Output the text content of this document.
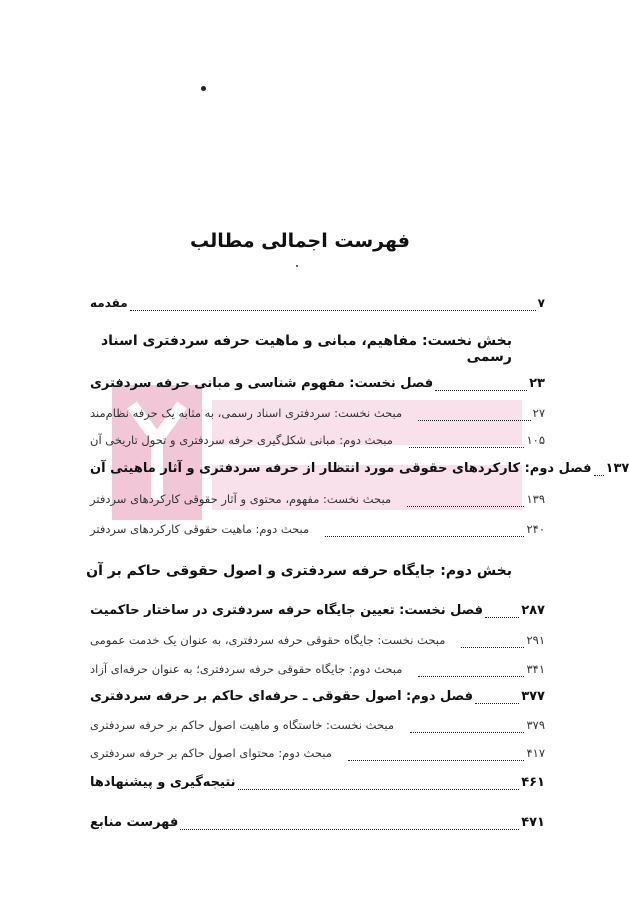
فهرست اجمالی مطالب
مقدمه	۷
بخش نخست: مفاهیم، مبانی و ماهیت حرفه سردفتری اسناد رسمی
فصل نخست: مفهوم شناسی و مبانی حرفه سردفتری	۲۳
مبحث نخست: سردفتری اسناد رسمی، به مثابه یک حرفه نظام‌مند	۲۷
مبحث دوم: مبانی شکل‌گیری حرفه سردفتری و تحول تاریخی آن	۱۰۵
فصل دوم: کارکردهای حقوقی مورد انتظار از حرفه سردفتری و آثار ماهیتی آن ۱۳۷
مبحث نخست: مفهوم، محتوی و آثار حقوقی کارکردهای سردفتر	۱۳۹
مبحث دوم: ماهیت حقوقی کارکردهای سردفتر	۲۴۰
بخش دوم: جایگاه حرفه سردفتری و اصول حقوقی حاکم بر آن
فصل نخست: تعیین جایگاه حرفه سردفتری در ساختار حاکمیت	۲۸۷
مبحث نخست: جایگاه حقوقی حرفه سردفتری، به عنوان یک خدمت عمومی	۲۹۱
مبحث دوم: جایگاه حقوقی حرفه سردفتری؛ به عنوان حرفه‌ای آزاد	۳۴۱
فصل دوم: اصول حقوقی ـ حرفه‌ای حاکم بر حرفه سردفتری	۳۷۷
مبحث نخست: خاستگاه و ماهیت اصول حاکم بر حرفه سردفتری	۳۷۹
مبحث دوم: محتوای اصول حاکم بر حرفه سردفتری	۴۱۷
نتیجه‌گیری و پیشنهادها	۴۶۱
فهرست منابع	۴۷۱
